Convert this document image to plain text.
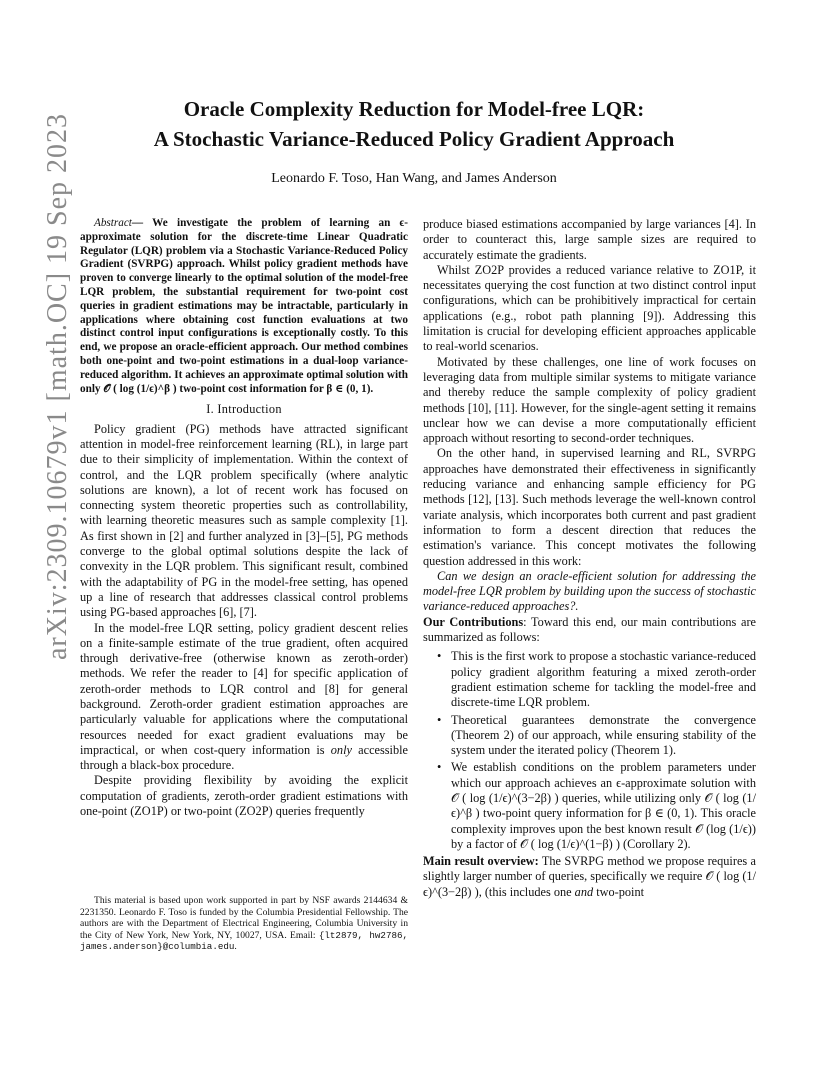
arXiv:2309.10679v1 [math.OC] 19 Sep 2023
Oracle Complexity Reduction for Model-free LQR:
A Stochastic Variance-Reduced Policy Gradient Approach
Leonardo F. Toso, Han Wang, and James Anderson

Abstract— We investigate the problem of learning an ϵ-approximate solution for the discrete-time Linear Quadratic Regulator (LQR) problem via a Stochastic Variance-Reduced Policy Gradient (SVRPG) approach. Whilst policy gradient methods have proven to converge linearly to the optimal solution of the model-free LQR problem, the substantial requirement for two-point cost queries in gradient estimations may be intractable, particularly in applications where obtaining cost function evaluations at two distinct control input configurations is exceptionally costly. To this end, we propose an oracle-efficient approach. Our method combines both one-point and two-point estimations in a dual-loop variance-reduced algorithm. It achieves an approximate optimal solution with only 𝒪 ( log (1/ϵ)^β ) two-point cost information for β ∈ (0, 1).

I. Introduction

Policy gradient (PG) methods have attracted significant attention in model-free reinforcement learning (RL), in large part due to their simplicity of implementation. Within the context of control, and the LQR problem specifically (where analytic solutions are known), a lot of recent work has focused on connecting system theoretic properties such as controllability, with learning theoretic measures such as sample complexity [1]. As first shown in [2] and further analyzed in [3]–[5], PG methods converge to the global optimal solutions despite the lack of convexity in the LQR problem. This significant result, combined with the adaptability of PG in the model-free setting, has opened up a line of research that addresses classical control problems using PG-based approaches [6], [7].

In the model-free LQR setting, policy gradient descent relies on a finite-sample estimate of the true gradient, often acquired through derivative-free (otherwise known as zeroth-order) methods. We refer the reader to [4] for specific application of zeroth-order methods to LQR control and [8] for general background. Zeroth-order gradient estimation approaches are particularly valuable for applications where the computational resources needed for exact gradient evaluations may be impractical, or when cost-query information is only accessible through a black-box procedure.

Despite providing flexibility by avoiding the explicit computation of gradients, zeroth-order gradient estimations with one-point (ZO1P) or two-point (ZO2P) queries frequently

This material is based upon work supported in part by NSF awards 2144634 & 2231350. Leonardo F. Toso is funded by the Columbia Presidential Fellowship. The authors are with the Department of Electrical Engineering, Columbia University in the City of New York, New York, NY, 10027, USA. Email: {lt2879, hw2786, james.anderson}@columbia.edu.

produce biased estimations accompanied by large variances [4]. In order to counteract this, large sample sizes are required to accurately estimate the gradients.

Whilst ZO2P provides a reduced variance relative to ZO1P, it necessitates querying the cost function at two distinct control input configurations, which can be prohibitively impractical for certain applications (e.g., robot path planning [9]). Addressing this limitation is crucial for developing efficient approaches applicable to real-world scenarios.

Motivated by these challenges, one line of work focuses on leveraging data from multiple similar systems to mitigate variance and thereby reduce the sample complexity of policy gradient methods [10], [11]. However, for the single-agent setting it remains unclear how we can devise a more computationally efficient approach without resorting to second-order techniques.

On the other hand, in supervised learning and RL, SVRPG approaches have demonstrated their effectiveness in significantly reducing variance and enhancing sample efficiency for PG methods [12], [13]. Such methods leverage the well-known control variate analysis, which incorporates both current and past gradient information to form a descent direction that reduces the estimation's variance. This concept motivates the following question addressed in this work:

Can we design an oracle-efficient solution for addressing the model-free LQR problem by building upon the success of stochastic variance-reduced approaches?.

Our Contributions: Toward this end, our main contributions are summarized as follows:

• This is the first work to propose a stochastic variance-reduced policy gradient algorithm featuring a mixed zeroth-order gradient estimation scheme for tackling the model-free and discrete-time LQR problem.
• Theoretical guarantees demonstrate the convergence (Theorem 2) of our approach, while ensuring stability of the system under the iterated policy (Theorem 1).
• We establish conditions on the problem parameters under which our approach achieves an ϵ-approximate solution with 𝒪 ( log (1/ϵ)^(3−2β) ) queries, while utilizing only 𝒪 ( log (1/ϵ)^β ) two-point query information for β ∈ (0, 1). This oracle complexity improves upon the best known result 𝒪 (log (1/ϵ)) by a factor of 𝒪 ( log (1/ϵ)^(1−β) ) (Corollary 2).

Main result overview: The SVRPG method we propose requires a slightly larger number of queries, specifically we require 𝒪 ( log (1/ϵ)^(3−2β) ), (this includes one and two-point
